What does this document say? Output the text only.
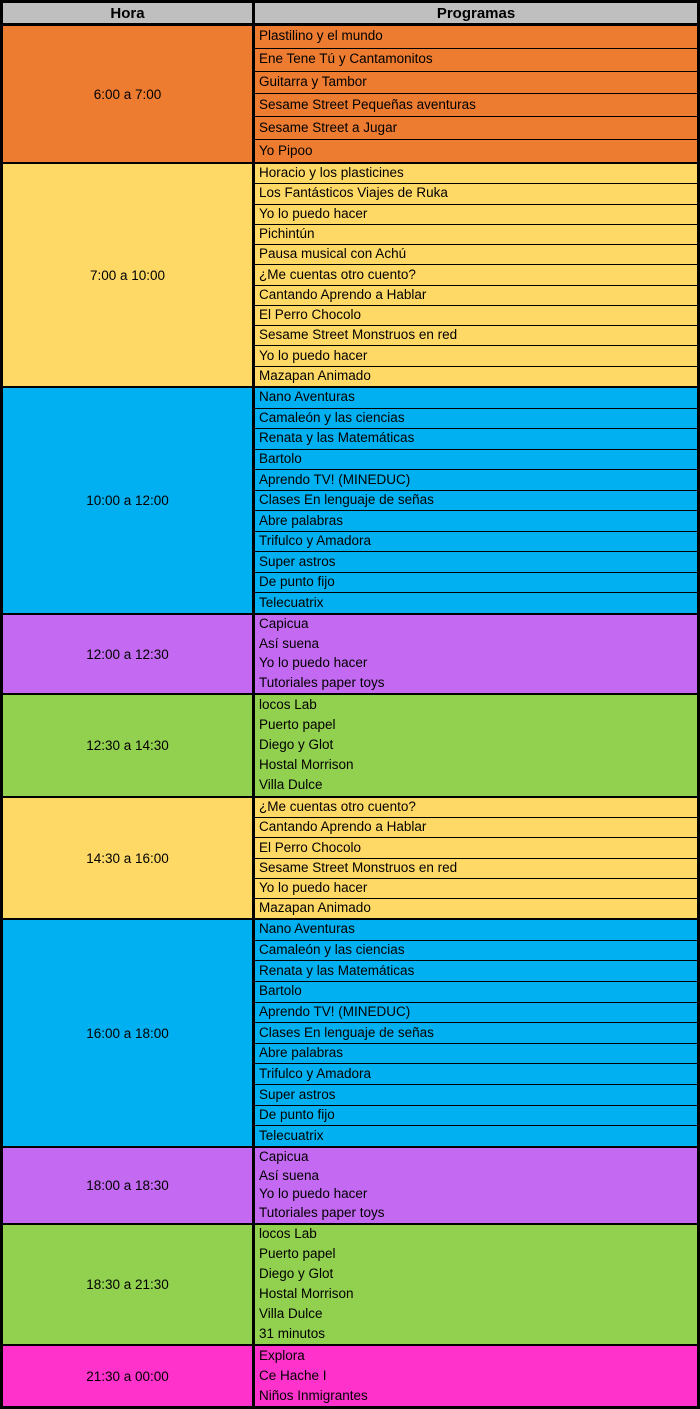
Hora	Programas
6:00 a 7:00
Plastilino y el mundo
Ene Tene Tú y Cantamonitos
Guitarra y Tambor
Sesame Street Pequeñas aventuras
Sesame Street a Jugar
Yo Pipoo
7:00 a 10:00
Horacio y los plasticines
Los Fantásticos Viajes de Ruka
Yo lo puedo hacer
Pichintún
Pausa musical con Achú
¿Me cuentas otro cuento?
Cantando Aprendo a Hablar
El Perro Chocolo
Sesame Street Monstruos en red
Yo lo puedo hacer
Mazapan Animado
10:00 a 12:00
Nano Aventuras
Camaleón y las ciencias
Renata y las Matemáticas
Bartolo
Aprendo TV! (MINEDUC)
Clases En lenguaje de señas
Abre palabras
Trifulco y Amadora
Super astros
De punto fijo
Telecuatrix
12:00 a 12:30
Capicua
Así suena
Yo lo puedo hacer
Tutoriales paper toys
12:30 a 14:30
locos Lab
Puerto papel
Diego y Glot
Hostal Morrison
Villa Dulce
14:30 a 16:00
¿Me cuentas otro cuento?
Cantando Aprendo a Hablar
El Perro Chocolo
Sesame Street Monstruos en red
Yo lo puedo hacer
Mazapan Animado
16:00 a 18:00
Nano Aventuras
Camaleón y las ciencias
Renata y las Matemáticas
Bartolo
Aprendo TV! (MINEDUC)
Clases En lenguaje de señas
Abre palabras
Trifulco y Amadora
Super astros
De punto fijo
Telecuatrix
18:00 a 18:30
Capicua
Así suena
Yo lo puedo hacer
Tutoriales paper toys
18:30 a 21:30
locos Lab
Puerto papel
Diego y Glot
Hostal Morrison
Villa Dulce
31 minutos
21:30 a 00:00
Explora
Ce Hache I
Niños Inmigrantes
